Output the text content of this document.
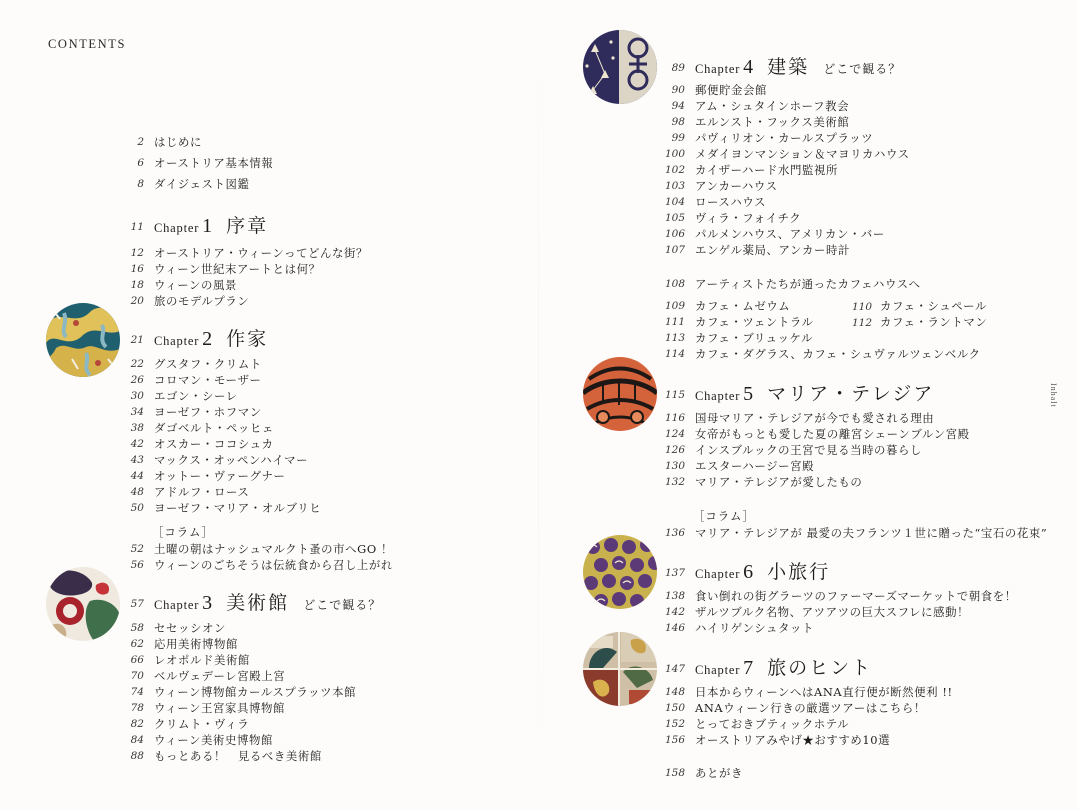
CONTENTS
Inhalt
2 はじめに
6 オーストリア基本情報
8 ダイジェスト図鑑
11 Chapter 1 序章
12 オーストリア・ウィーンってどんな街？
16 ウィーン世紀末アートとは何？
18 ウィーンの風景
20 旅のモデルプラン
21 Chapter 2 作家
22 グスタフ・クリムト
26 コロマン・モーザー
30 エゴン・シーレ
34 ヨーゼフ・ホフマン
38 ダゴベルト・ペッヒェ
42 オスカー・ココシュカ
43 マックス・オッペンハイマー
44 オットー・ヴァーグナー
48 アドルフ・ロース
50 ヨーゼフ・マリア・オルブリヒ
［コラム］
52 土曜の朝はナッシュマルクト蚤の市へGO ！
56 ウィーンのごちそうは伝統食から召し上がれ
57 Chapter 3 美術館 どこで観る？
58 セセッシオン
62 応用美術博物館
66 レオポルド美術館
70 ベルヴェデーレ宮殿上宮
74 ウィーン博物館カールスプラッツ本館
78 ウィーン王宮家具博物館
82 クリムト・ヴィラ
84 ウィーン美術史博物館
88 もっとある！　見るべき美術館
89 Chapter 4 建築 どこで観る？
90 郵便貯金会館
94 アム・シュタインホーフ教会
98 エルンスト・フックス美術館
99 パヴィリオン・カールスプラッツ
100 メダイヨンマンション＆マヨリカハウス
102 カイザーハード水門監視所
103 アンカーハウス
104 ロースハウス
105 ヴィラ・フォイチク
106 パルメンハウス、アメリカン・バー
107 エンゲル薬局、アンカー時計
108 アーティストたちが通ったカフェハウスへ
109 カフェ・ムゼウム	110 カフェ・シュペール
111 カフェ・ツェントラル	112 カフェ・ラントマン
113 カフェ・ブリュッケル
114 カフェ・ダグラス、カフェ・シュヴァルツェンベルク
115 Chapter 5 マリア・テレジア
116 国母マリア・テレジアが今でも愛される理由
124 女帝がもっとも愛した夏の離宮シェーンブルン宮殿
126 インスブルックの王宮で見る当時の暮らし
130 エスターハージー宮殿
132 マリア・テレジアが愛したもの
［コラム］
136 マリア・テレジアが 最愛の夫フランツ１世に贈った“宝石の花束”
137 Chapter 6 小旅行
138 食い倒れの街グラーツのファーマーズマーケットで朝食を！
142 ザルツブルク名物、アツアツの巨大スフレに感動！
146 ハイリゲンシュタット
147 Chapter 7 旅のヒント
148 日本からウィーンへはANA直行便が断然便利 !!
150 ANAウィーン行きの厳選ツアーはこちら！
152 とっておきブティックホテル
156 オーストリアみやげ★おすすめ10選
158 あとがき
